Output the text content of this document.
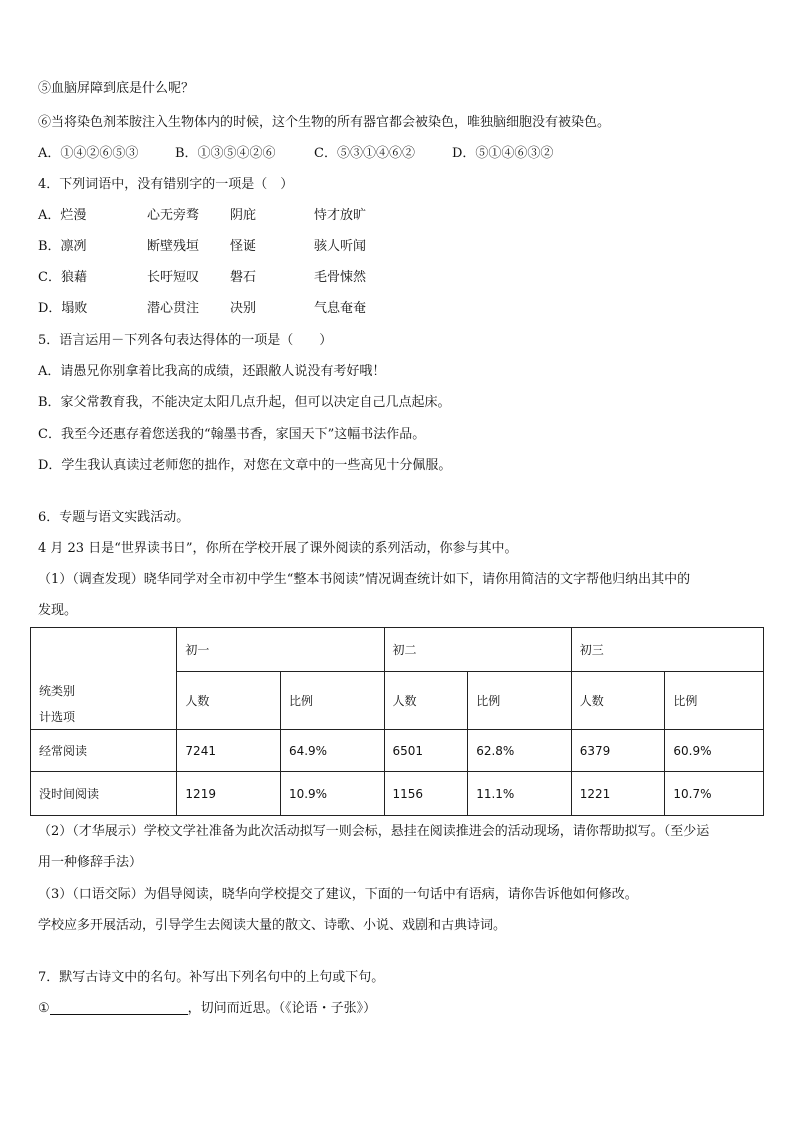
⑤血脑屏障到底是什么呢？
⑥当将染色剂苯胺注入生物体内的时候，这个生物的所有器官都会被染色，唯独脑细胞没有被染色。
A．①④②⑥⑤③	B．①③⑤④②⑥	C．⑤③①④⑥②	D．⑤①④⑥③②
4．下列词语中，没有错别字的一项是（　）
A．烂漫	心无旁骛 阴庇	恃才放旷
B．凛冽	断壁残垣 怪诞	骇人听闻
C．狼藉	长吁短叹 磐石	毛骨悚然
D．塌败	潜心贯注 决别	气息奄奄
5．语言运用－下列各句表达得体的一项是（　　）
A．请愚兄你别拿着比我高的成绩，还跟敝人说没有考好哦！
B．家父常教育我，不能决定太阳几点升起，但可以决定自己几点起床。
C．我至今还惠存着您送我的“翰墨书香，家国天下”这幅书法作品。
D．学生我认真读过老师您的拙作，对您在文章中的一些高见十分佩服。
6．专题与语文实践活动。
4 月 23 日是“世界读书日”，你所在学校开展了课外阅读的系列活动，你参与其中。
（1）（调查发现）晓华同学对全市初中学生“整本书阅读”情况调查统计如下，请你用简洁的文字帮他归纳出其中的
发现。
统类别
计选项	初一		初二		初三	
	人数	比例	人数	比例	人数	比例
经常阅读	7241	64.9%	6501	62.8%	6379	60.9%
没时间阅读	1219	10.9%	1156	11.1%	1221	10.7%
（2）（才华展示）学校文学社准备为此次活动拟写一则会标，悬挂在阅读推进会的活动现场，请你帮助拟写。（至少运
用一种修辞手法）
（3）（口语交际）为倡导阅读，晓华向学校提交了建议，下面的一句话中有语病，请你告诉他如何修改。
学校应多开展活动，引导学生去阅读大量的散文、诗歌、小说、戏剧和古典诗词。
7．默写古诗文中的名句。补写出下列名句中的上句或下句。
①	，切问而近思。（《论语・子张》）
